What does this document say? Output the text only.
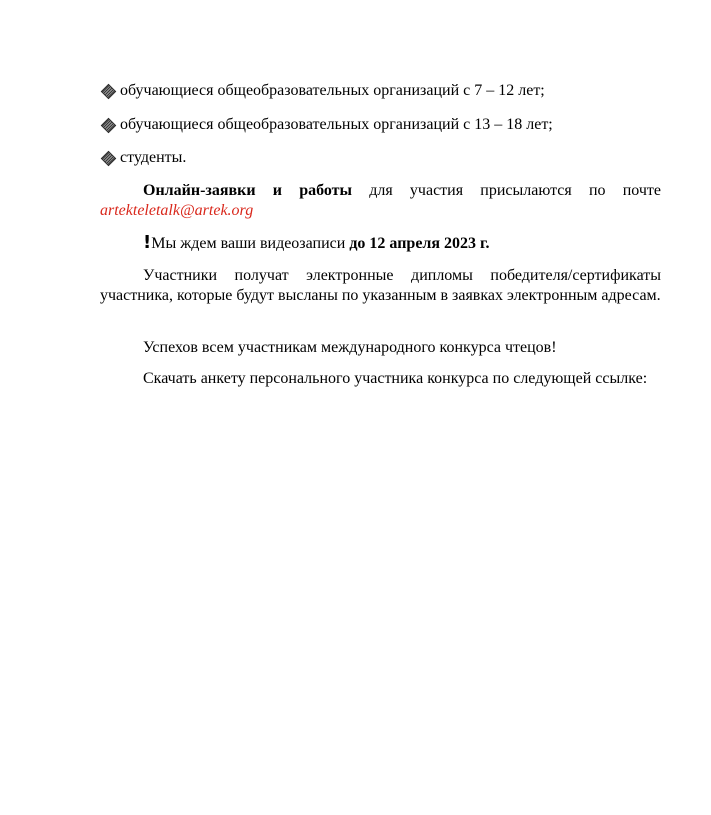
обучающиеся общеобразовательных организаций с 7 – 12 лет;
обучающиеся общеобразовательных организаций с 13 – 18 лет;
студенты.

Онлайн-заявки и работы для участия присылаются по почте artekteletalk@artek.org

!Мы ждем ваши видеозаписи до 12 апреля 2023 г.

Участники получат электронные дипломы победителя/сертификаты участника, которые будут высланы по указанным в заявках электронным адресам.

Успехов всем участникам международного конкурса чтецов!

Скачать анкету персонального участника конкурса по следующей ссылке:
